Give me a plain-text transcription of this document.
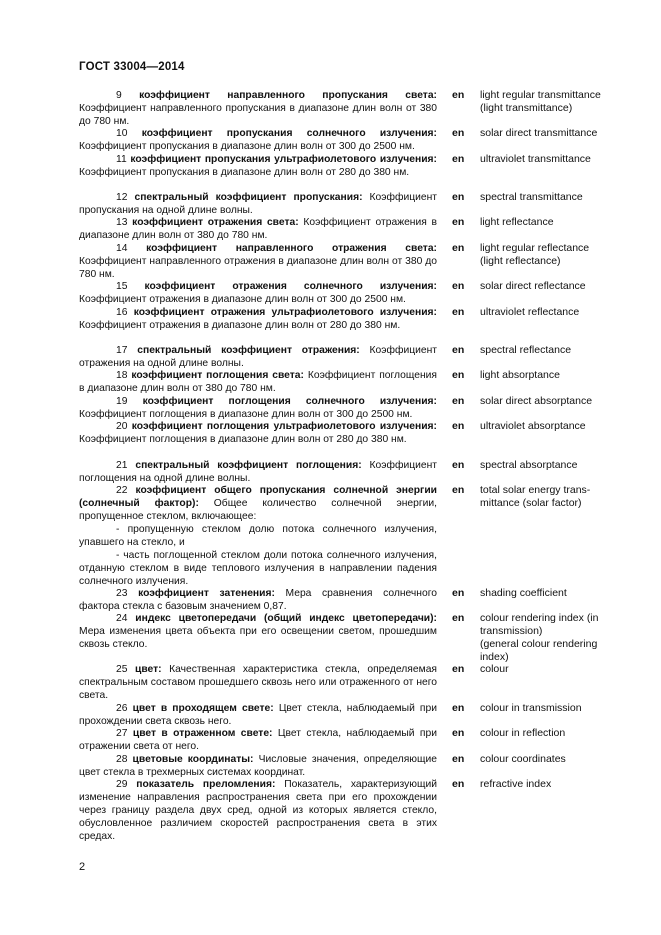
ГОСТ 33004—2014

9 коэффициент направленного пропускания света: Коэффициент направленного пропускания в диапазоне длин волн от 380 до 780 нм.

en light regular transmittance
(light transmittance)

10 коэффициент пропускания солнечного излучения: Коэффициент пропускания в диапазоне длин волн от 300 до 2500 нм.

en solar direct transmittance

11 коэффициент пропускания ультрафиолетового излучения: Коэффициент пропускания в диапазоне длин волн от 280 до 380 нм.

en ultraviolet transmittance

12 спектральный коэффициент пропускания: Коэффициент пропускания на одной длине волны.

en spectral transmittance

13 коэффициент отражения света: Коэффициент отражения в диапазоне длин волн от 380 до 780 нм.

en light reflectance

14 коэффициент направленного отражения света: Коэффициент направленного отражения в диапазоне длин волн от 380 до 780 нм.

en light regular reflectance
(light reflectance)

15 коэффициент отражения солнечного излучения: Коэффициент отражения в диапазоне длин волн от 300 до 2500 нм.

en solar direct reflectance

16 коэффициент отражения ультрафиолетового излучения: Коэффициент отражения в диапазоне длин волн от 280 до 380 нм.

en ultraviolet reflectance

17 спектральный коэффициент отражения: Коэффициент отражения на одной длине волны.

en spectral reflectance

18 коэффициент поглощения света: Коэффициент поглощения в диапазоне длин волн от 380 до 780 нм.

en light absorptance

19 коэффициент поглощения солнечного излучения: Коэффициент поглощения в диапазоне длин волн от 300 до 2500 нм.

en solar direct absorptance

20 коэффициент поглощения ультрафиолетового излучения: Коэффициент поглощения в диапазоне длин волн от 280 до 380 нм.

en ultraviolet absorptance

21 спектральный коэффициент поглощения: Коэффициент поглощения на одной длине волны.

en spectral absorptance

22 коэффициент общего пропускания солнечной энергии (солнечный фактор): Общее количество солнечной энергии, пропущенное стеклом, включающее:

- пропущенную стеклом долю потока солнечного излучения, упавшего на стекло, и

- часть поглощенной стеклом доли потока солнечного излучения, отданную стеклом в виде теплового излучения в направлении падения солнечного излучения.

en total solar energy trans-
mittance (solar factor)

23 коэффициент затенения: Мера сравнения солнечного фактора стекла с базовым значением 0,87.

en shading coefficient

24 индекс цветопередачи (общий индекс цветопередачи): Мера изменения цвета объекта при его освещении светом, прошедшим сквозь стекло.

en colour rendering index (in
transmission)
(general colour rendering
index)

25 цвет: Качественная характеристика стекла, определяемая спектральным составом прошедшего сквозь него или отраженного от него света.

en colour

26 цвет в проходящем свете: Цвет стекла, наблюдаемый при прохождении света сквозь него.

en colour in transmission

27 цвет в отраженном свете: Цвет стекла, наблюдаемый при отражении света от него.

en colour in reflection

28 цветовые координаты: Числовые значения, определяющие цвет стекла в трехмерных системах координат.

en colour coordinates

29 показатель преломления: Показатель, характеризующий изменение направления распространения света при его прохождении через границу раздела двух сред, одной из которых является стекло, обусловленное различием скоростей распространения света в этих средах.

en refractive index
2
